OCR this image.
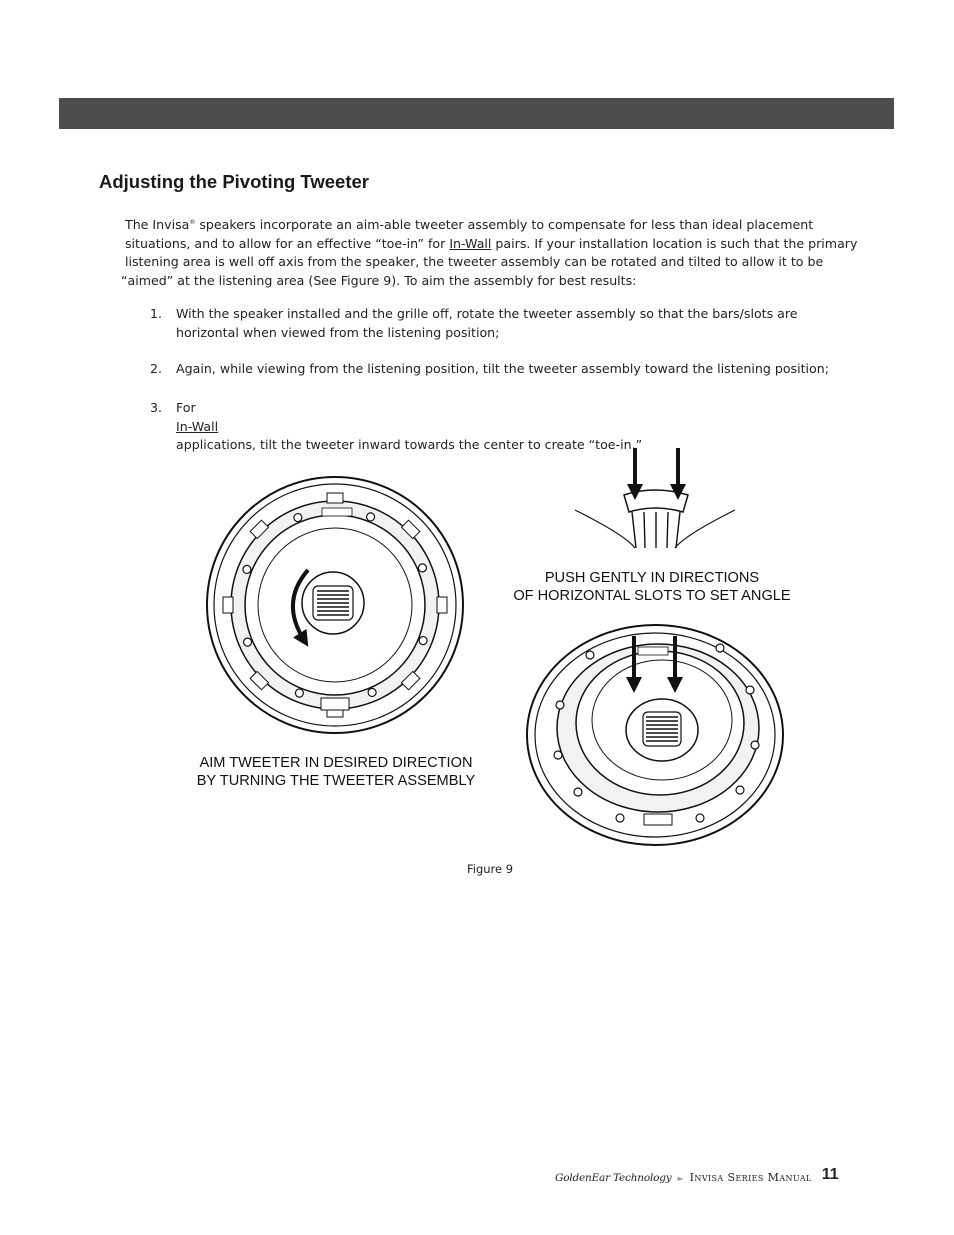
Adjusting the Pivoting Tweeter
The Invisa® speakers incorporate an aim-able tweeter assembly to compensate for less than ideal placement
situations, and to allow for an effective “toe-in” for In-Wall pairs. If your installation location is such that the primary
listening area is well off axis from the speaker, the tweeter assembly can be rotated and tilted to allow it to be
“aimed” at the listening area (See Figure 9). To aim the assembly for best results:
1.	With the speaker installed and the grille off, rotate the tweeter assembly so that the bars/slots are
horizontal when viewed from the listening position;
2.	Again, while viewing from the listening position, tilt the tweeter assembly toward the listening position;
3.	For
In-Wall
applications, tilt the tweeter inward towards the center to create “toe-in.”
AIM TWEETER IN DESIRED DIRECTION
BY TURNING THE TWEETER ASSEMBLY
PUSH GENTLY IN DIRECTIONS
OF HORIZONTAL SLOTS TO SET ANGLE
Figure 9
GoldenEar Technology ► Invisa Series Manual 11
